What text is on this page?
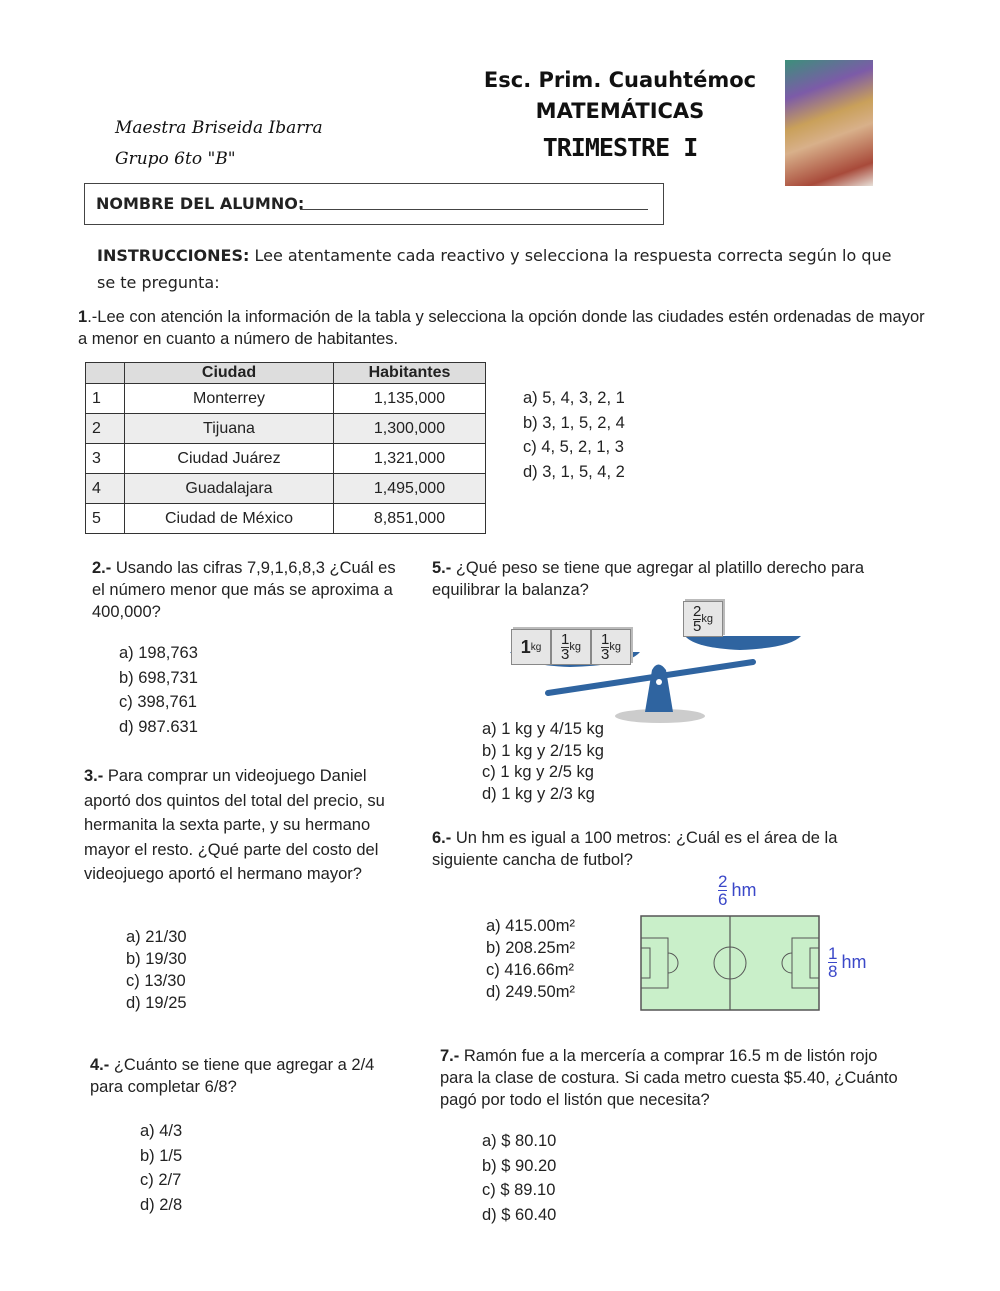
Maestra Briseida Ibarra
Grupo 6to "B"
Esc. Prim. Cuauhtémoc
MATEMÁTICAS
TRIMESTRE I
NOMBRE DEL ALUMNO:
INSTRUCCIONES: Lee atentamente cada reactivo y selecciona la respuesta correcta según lo que se te pregunta:
1.-Lee con atención la información de la tabla y selecciona la opción donde las ciudades estén ordenadas de mayor a menor en cuanto a número de habitantes.
	Ciudad	Habitantes
1	Monterrey	1,135,000
2	Tijuana	1,300,000
3	Ciudad Juárez	1,321,000
4	Guadalajara	1,495,000
5	Ciudad de México	8,851,000
a) 5, 4, 3, 2, 1
b) 3, 1, 5, 2, 4
c) 4, 5, 2, 1, 3
d) 3, 1, 5, 4, 2
2.- Usando las cifras 7,9,1,6,8,3 ¿Cuál es el número menor que más se aproxima a 400,000?
a) 198,763
b) 698,731
c) 398,761
d) 987.631
3.- Para comprar un videojuego Daniel aportó dos quintos del total del precio, su hermanita la sexta parte, y su hermano mayor el resto. ¿Qué parte del costo del videojuego aportó el hermano mayor?
a) 21/30
b) 19/30
c) 13/30
d) 19/25
4.- ¿Cuánto se tiene que agregar a 2/4 para completar 6/8?
a) 4/3
b) 1/5
c) 2/7
d) 2/8
5.- ¿Qué peso se tiene que agregar al platillo derecho para equilibrar la balanza?
1 kg $\frac{1}{3}$ kg $\frac{1}{3}$ kg
$\frac{2}{5}$ kg
a) 1 kg y 4/15 kg
b) 1 kg y 2/15 kg
c) 1 kg y 2/5 kg
d) 1 kg y 2/3 kg
6.- Un hm es igual a 100 metros: ¿Cuál es el área de la siguiente cancha de futbol?
$\frac{2}{6}$ hm
$\frac{1}{8}$ hm
a) 415.00m²
b) 208.25m²
c) 416.66m²
d) 249.50m²
7.- Ramón fue a la mercería a comprar 16.5 m de listón rojo para la clase de costura. Si cada metro cuesta $5.40, ¿Cuánto pagó por todo el listón que necesita?
a) $ 80.10
b) $ 90.20
c) $ 89.10
d) $ 60.40
